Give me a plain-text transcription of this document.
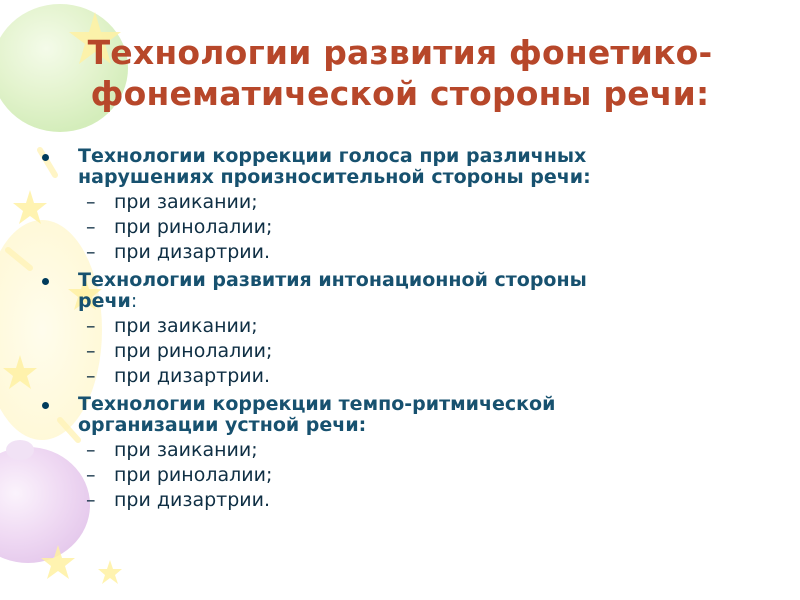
Технологии развития фонетико-
фонематической стороны речи:
Технологии коррекции голоса при различных
нарушениях произносительной стороны речи:
– при заикании;
– при ринолалии;
– при дизартрии.
Технологии развития интонационной стороны
речи:
– при заикании;
– при ринолалии;
– при дизартрии.
Технологии коррекции темпо-ритмической
организации устной речи:
– при заикании;
– при ринолалии;
– при дизартрии.
